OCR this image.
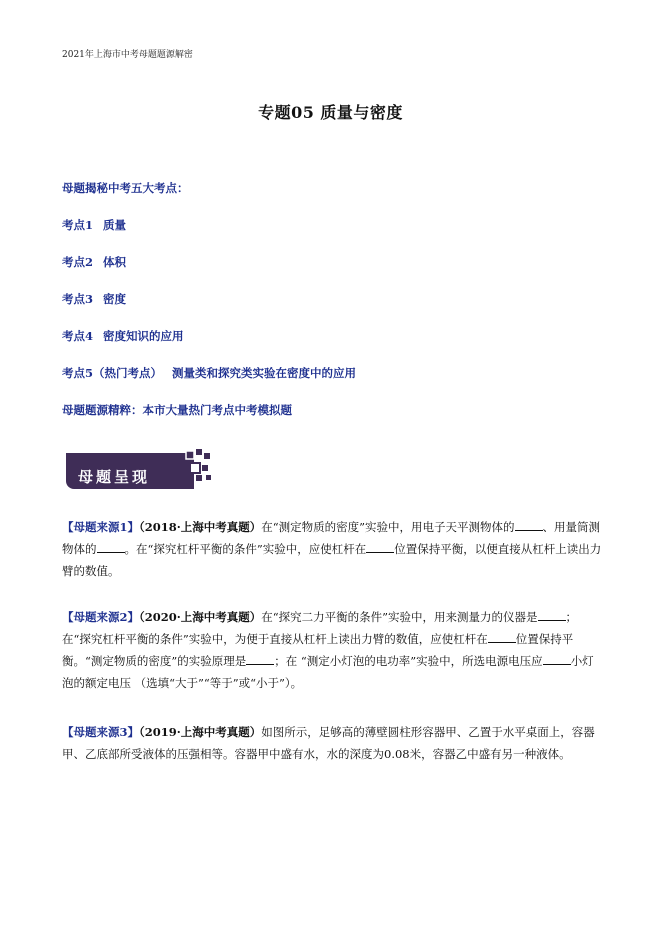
2021年上海市中考母题题源解密
专题05 质量与密度
母题揭秘中考五大考点：
考点1 质量
考点2 体积
考点3 密度
考点4 密度知识的应用
考点5（热门考点） 测量类和探究类实验在密度中的应用
母题题源精粹：本市大量热门考点中考模拟题
母题呈现
【母题来源1】（2018·上海中考真题）在“测定物质的密度”实验中，用电子天平测物体的 、用量筒测物体的 。在“探究杠杆平衡的条件”实验中，应使杠杆在 位置保持平衡，以便直接从杠杆上读出力臂的数值。
【母题来源2】（2020·上海中考真题）在“探究二力平衡的条件”实验中，用来测量力的仪器是 ；在“探究杠杆平衡的条件”实验中，为便于直接从杠杆上读出力臂的数值，应使杠杆在 位置保持平衡。“测定物质的密度”的实验原理是 ；在 “测定小灯泡的电功率”实验中，所选电源电压应 小灯泡的额定电压 （选填“大于”“等于”或“小于”）。
【母题来源3】（2019·上海中考真题）如图所示，足够高的薄壁圆柱形容器甲、乙置于水平桌面上，容器甲、乙底部所受液体的压强相等。容器甲中盛有水，水的深度为0.08米，容器乙中盛有另一种液体。
